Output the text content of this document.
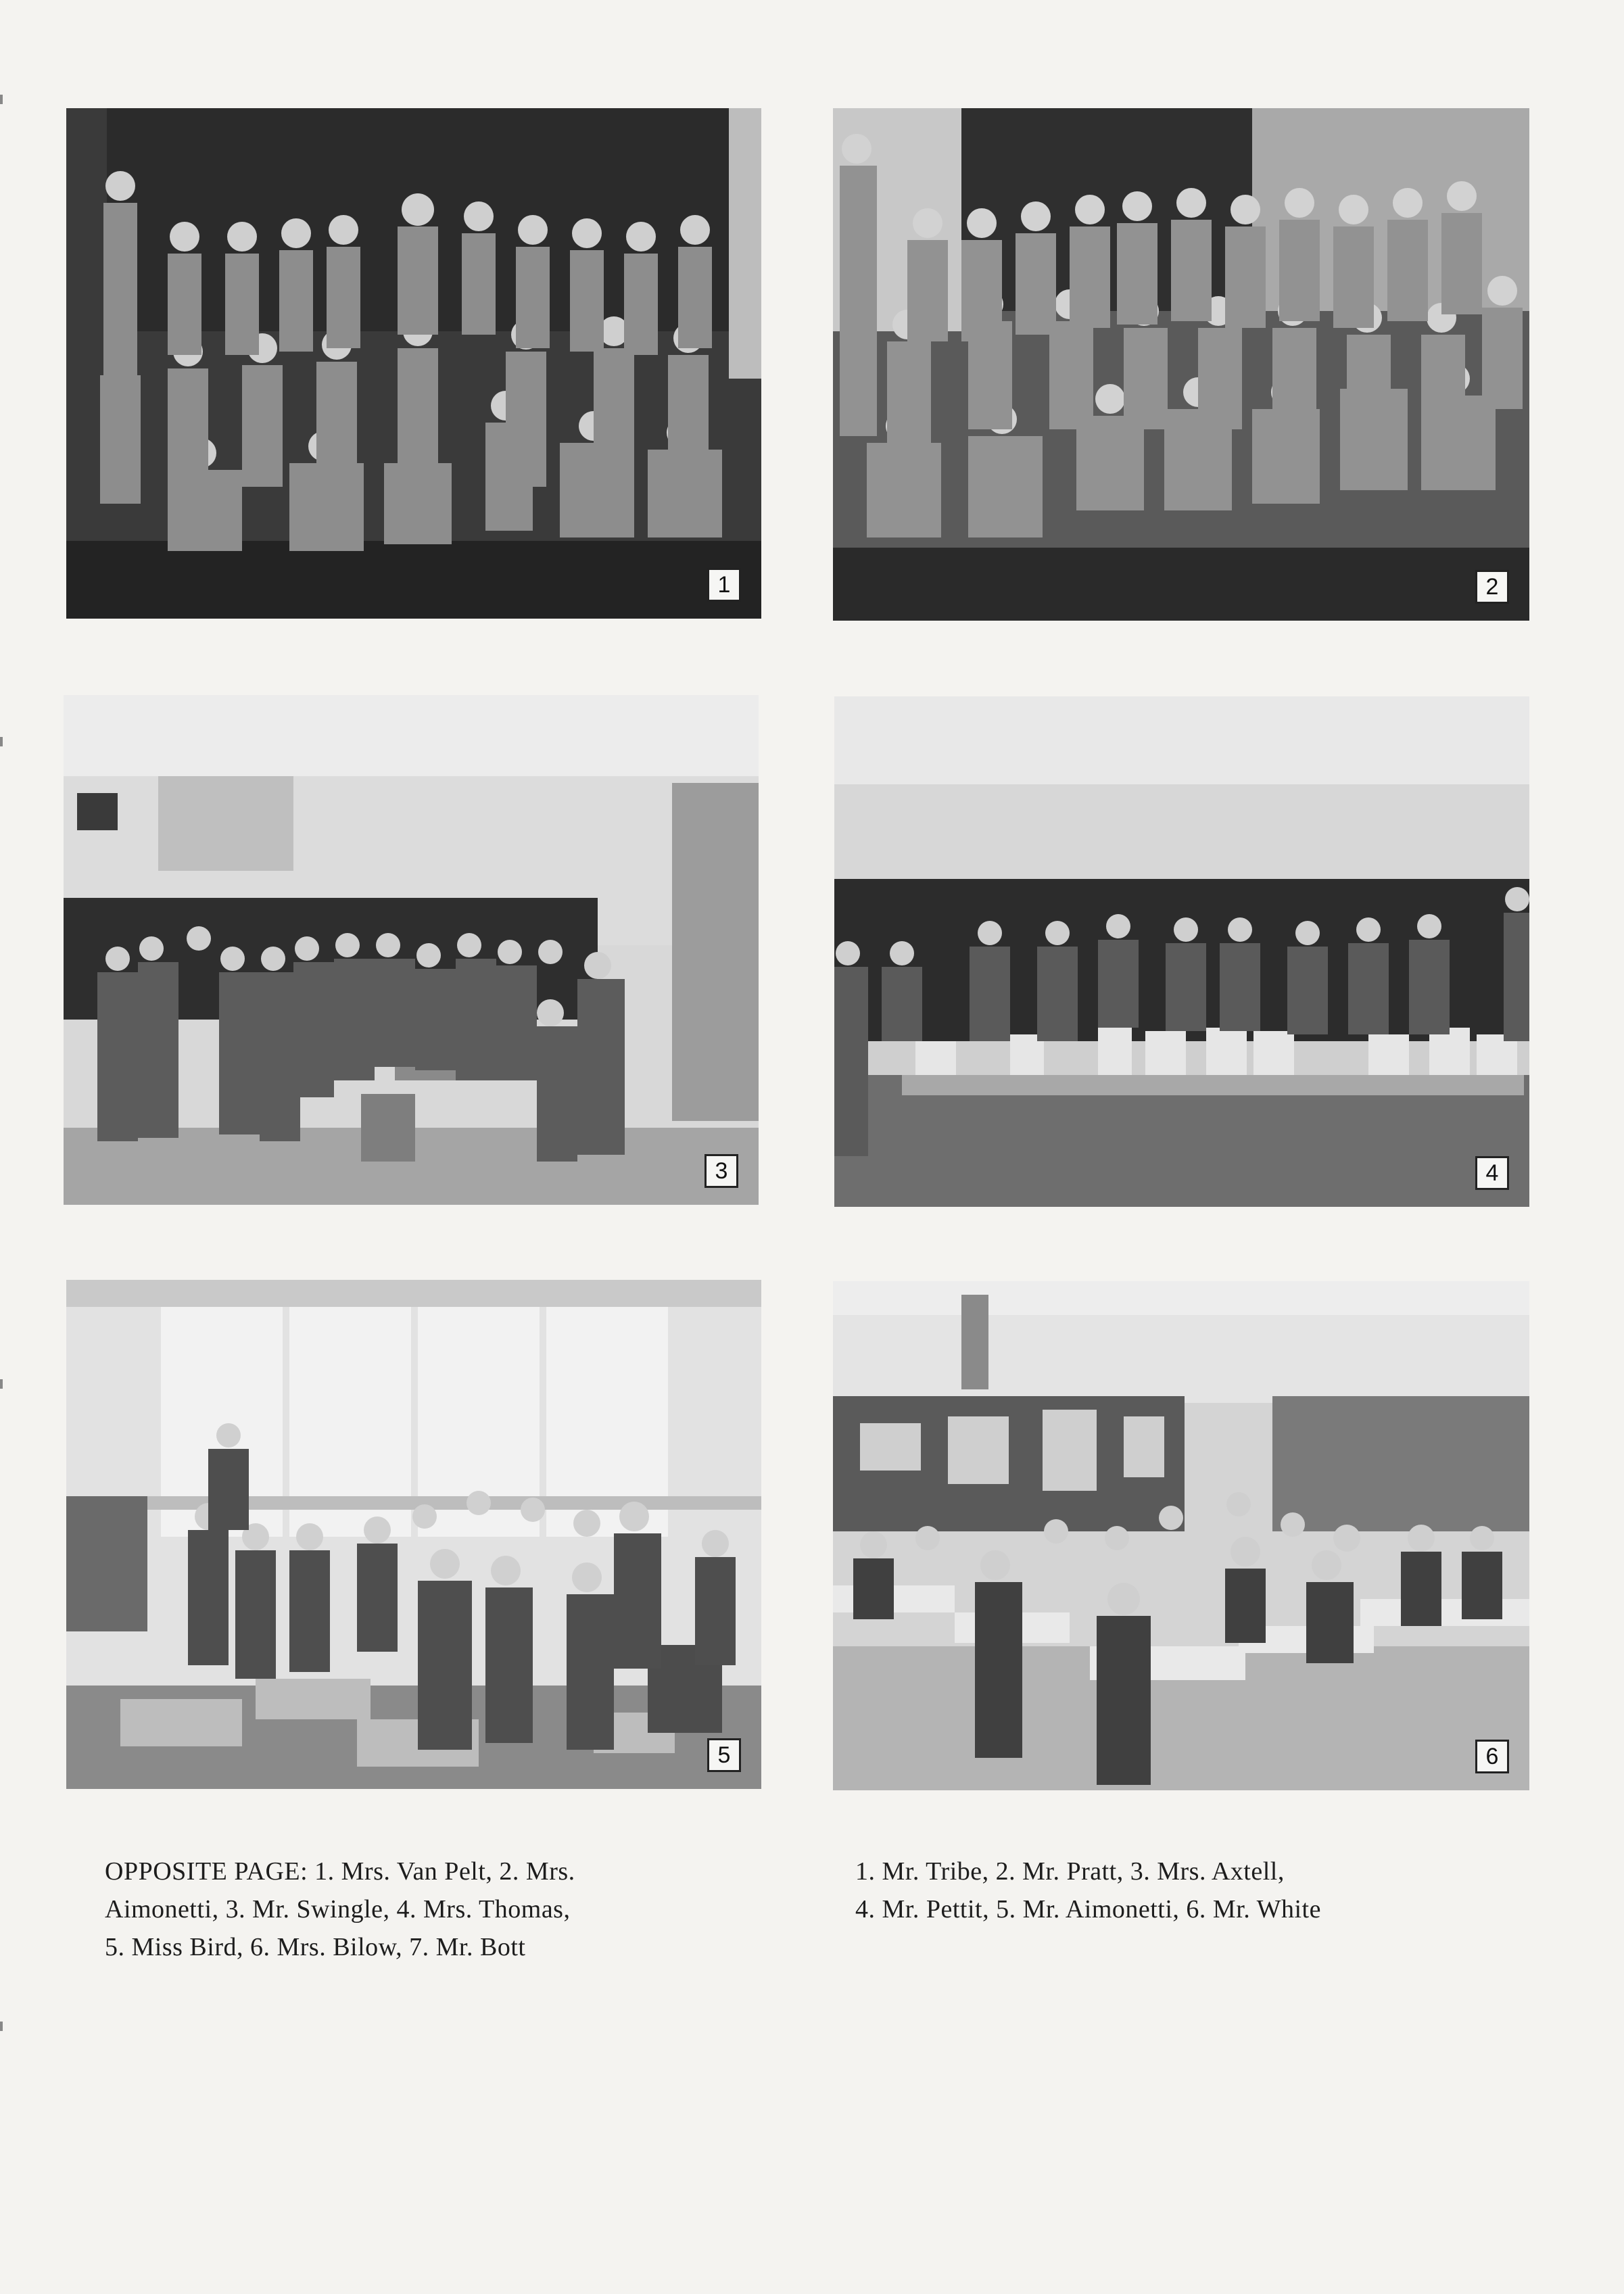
1	2
3	4
5	6

OPPOSITE PAGE: 1. Mrs. Van Pelt, 2. Mrs.

Aimonetti, 3. Mr. Swingle, 4. Mrs. Thomas,

5. Miss Bird, 6. Mrs. Bilow, 7. Mr. Bott

1. Mr. Tribe, 2. Mr. Pratt, 3. Mrs. Axtell,

4. Mr. Pettit, 5. Mr. Aimonetti, 6. Mr. White
